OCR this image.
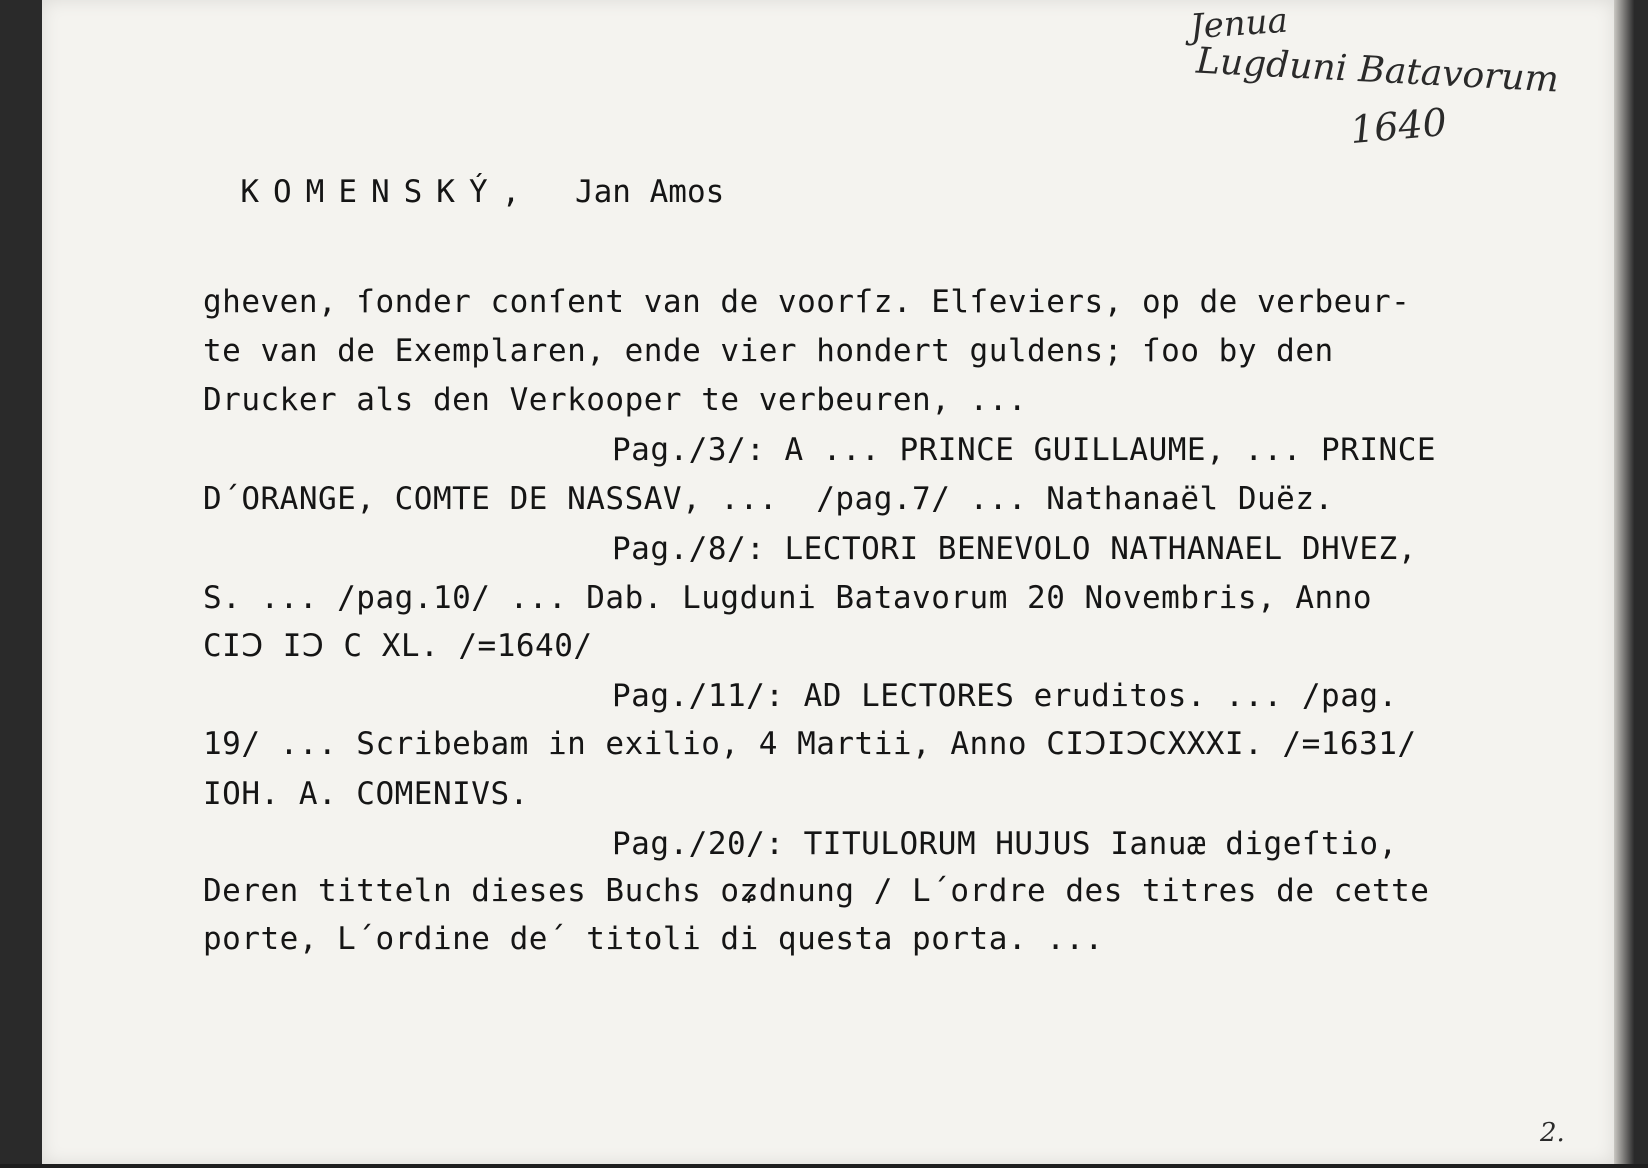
Jenua
Lugduni Batavorum
1640
2.

KOMENSKÝ, Jan Amos

gheven, ſonder conſent van de voorſz. Elſeviers, op de verbeur-
te van de Exemplaren, ende vier hondert guldens; ſoo by den
Drucker als den Verkooper te verbeuren, ...
Pag./3/: A ... PRINCE GUILLAUME, ... PRINCE
D´ORANGE, COMTE DE NASSAV, ...  /pag.7/ ... Nathanaël Duëz.
Pag./8/: LECTORI BENEVOLO NATHANAEL DHVEZ,
S. ... /pag.10/ ... Dab. Lugduni Batavorum 20 Novembris, Anno
CIↃ IↃ C XL. /=1640/
Pag./11/: AD LECTORES eruditos. ... /pag.
19/ ... Scribebam in exilio, 4 Martii, Anno CIↃIↃCXXXI. /=1631/
IOH. A. COMENIVS.
Pag./20/: TITULORUM HUJUS Ianuæ digeſtio,
Deren titteln dieses Buchs oʑdnung / L´ordre des titres de cette
porte, L´ordine de´ titoli di questa porta. ...
